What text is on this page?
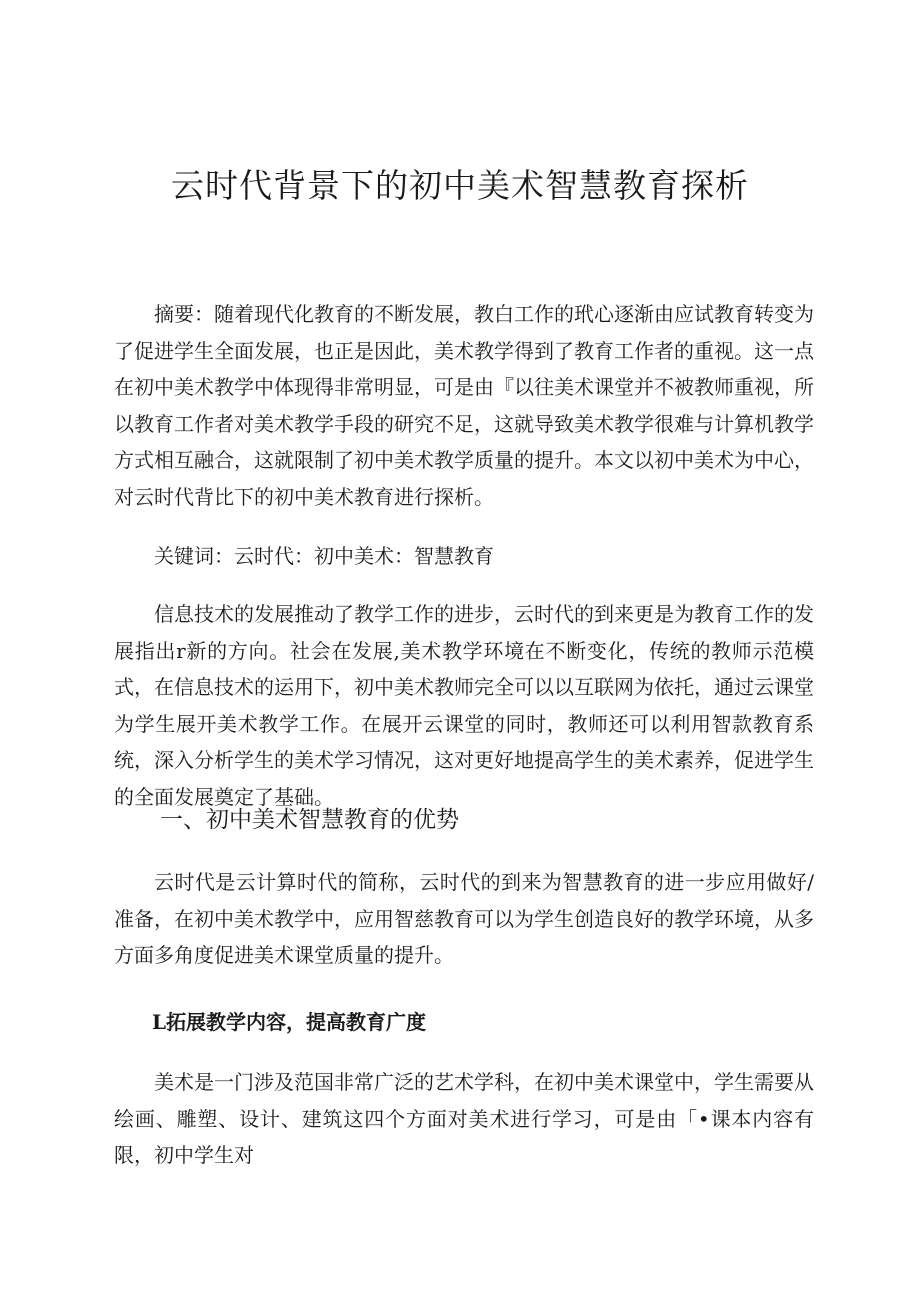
云时代背景下的初中美术智慧教育探析

摘要：随着现代化教育的不断发展，教白工作的玳心逐渐由应试教育转变为了促进学生全面发展，也正是因此，美术教学得到了教育工作者的重视。这一点在初中美术教学中体现得非常明显，可是由『以往美术课堂并不被教师重视，所以教育工作者对美术教学手段的研究不足，这就导致美术教学很难与计算机教学方式相互融合，这就限制了初中美术教学质量的提升。本文以初中美术为中心，对云时代背比下的初中美术教育进行探析。

关键词：云时代：初中美术：智慧教育

信息技术的发展推动了教学工作的进步，云时代的到来更是为教育工作的发展指出r新的方向。社会在发展,美术教学环境在不断变化，传统的教师示范模式，在信息技术的运用下，初中美术教师完全可以以互联网为依托，通过云课堂为学生展开美术教学工作。在展开云课堂的同时，教师还可以利用智款教育系统，深入分析学生的美术学习情况，这对更好地提高学生的美术素养，促进学生的全面发展奠定了基础。

一、初中美术智慧教育的优势

云时代是云计算时代的简称，云时代的到来为智慧教育的进一步应用做好/准备，在初中美术教学中，应用智慈教育可以为学生创造良好的教学环境，从多方面多角度促进美术课堂质量的提升。

L拓展教学内容，提高教育广度

美术是一门涉及范国非常广泛的艺术学科，在初中美术课堂中，学生需要从绘画、雕塑、设计、建筑这四个方面对美术进行学习，可是由「•课本内容有限，初中学生对
